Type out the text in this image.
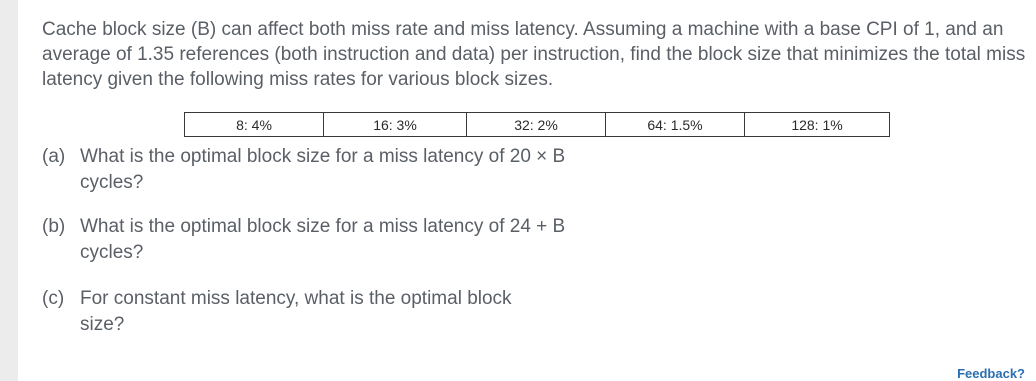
Cache block size (B) can affect both miss rate and miss latency. Assuming a machine with a base CPI of 1, and an average of 1.35 references (both instruction and data) per instruction, find the block size that minimizes the total miss latency given the following miss rates for various block sizes.

8: 4%	16: 3%	32: 2%	64: 1.5%	128: 1%
(a) What is the optimal block size for a miss latency of 20 × B cycles?
(b) What is the optimal block size for a miss latency of 24 + B cycles?
(c) For constant miss latency, what is the optimal block size?
Feedback?
